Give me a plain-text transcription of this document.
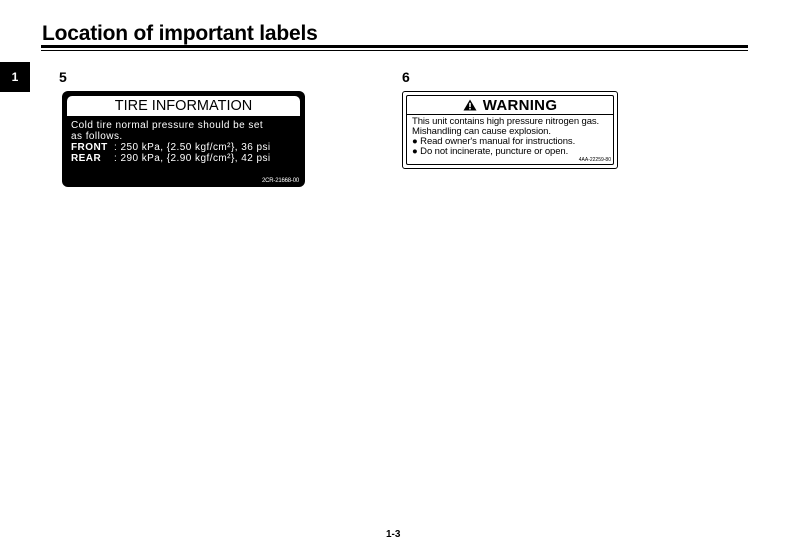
Location of important labels
1	5	6
TIRE INFORMATION
Cold tire normal pressure should be set
as follows.
FRONT : 250 kPa, {2.50 kgf/cm²}, 36 psi
REAR : 290 kPa, {2.90 kgf/cm²}, 42 psi
2CR-21668-00
WARNING
This unit contains high pressure nitrogen gas.
Mishandling can cause explosion.
● Read owner's manual for instructions.
● Do not incinerate, puncture or open.
4AA-22259-80
1-3
